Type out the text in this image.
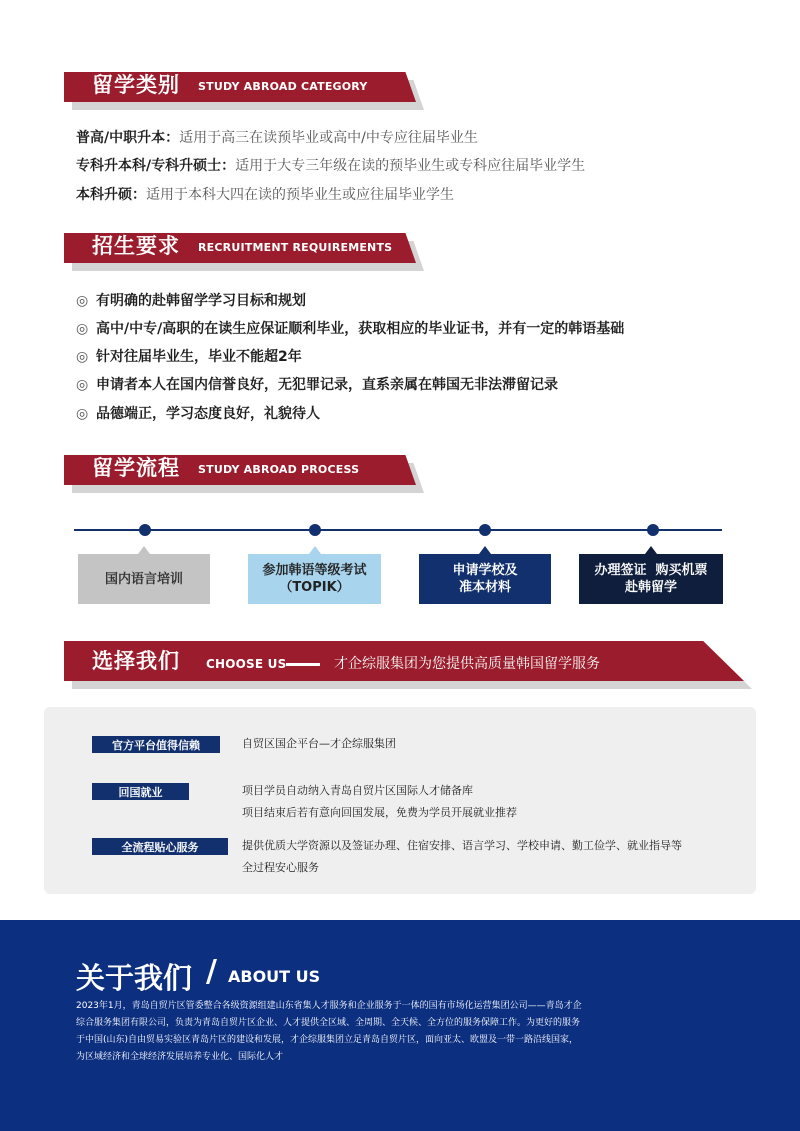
留学类别 STUDY ABROAD CATEGORY
普高/中职升本：适用于高三在读预毕业或高中/中专应往届毕业生
专科升本科/专科升硕士：适用于大专三年级在读的预毕业生或专科应往届毕业学生
本科升硕：适用于本科大四在读的预毕业生或应往届毕业学生
招生要求 RECRUITMENT REQUIREMENTS
◎ 有明确的赴韩留学学习目标和规划
◎ 高中/中专/高职的在读生应保证顺利毕业，获取相应的毕业证书，并有一定的韩语基础
◎ 针对往届毕业生，毕业不能超2年
◎ 申请者本人在国内信誉良好，无犯罪记录，直系亲属在韩国无非法滞留记录
◎ 品德端正，学习态度良好，礼貌待人
留学流程 STUDY ABROAD PROCESS
国内语言培训
参加韩语等级考试
（TOPIK）
申请学校及
准本材料
办理签证  购买机票
赴韩留学
选择我们 CHOOSE US	才企综服集团为您提供高质量韩国留学服务
官方平台值得信赖	自贸区国企平台—才企综服集团
回国就业	项目学员自动纳入青岛自贸片区国际人才储备库
项目结束后若有意向回国发展，免费为学员开展就业推荐
全流程贴心服务	提供优质大学资源以及签证办理、住宿安排、语言学习、学校申请、勤工俭学、就业指导等
全过程安心服务
关于我们 / ABOUT US
2023年1月，青岛自贸片区管委整合各级资源组建山东省集人才服务和企业服务于一体的国有市场化运营集团公司——青岛才企综合服务集团有限公司，负责为青岛自贸片区企业、人才提供全区域、全周期、全天候、全方位的服务保障工作。为更好的服务于中国(山东)自由贸易实验区青岛片区的建设和发展，才企综服集团立足青岛自贸片区，面向亚太、欧盟及一带一路沿线国家，为区域经济和全球经济发展培养专业化、国际化人才
